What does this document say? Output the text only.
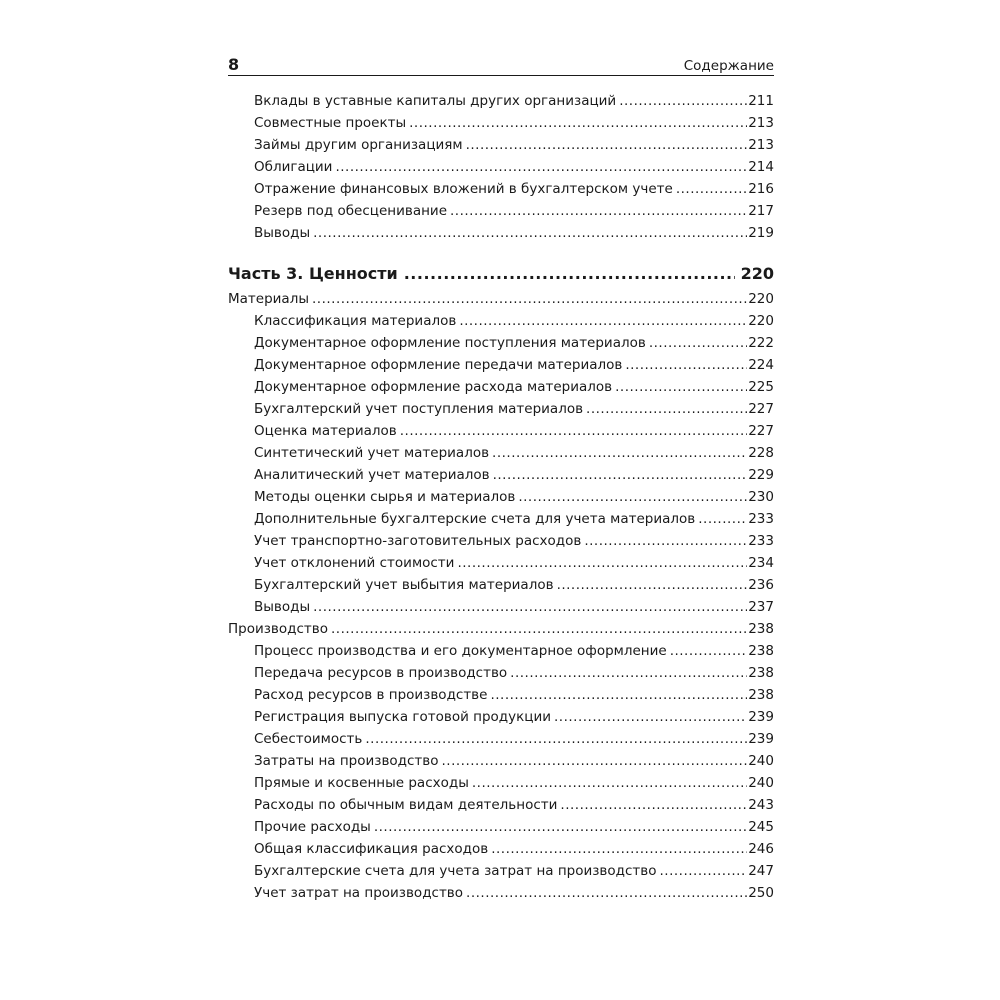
8	Содержание
Вклады в уставные капиталы других организаций .....	211
Совместные проекты .....	213
Займы другим организациям .....	213
Облигации .....	214
Отражение финансовых вложений в бухгалтерском учете .....	216
Резерв под обесценивание .....	217
Выводы .....	219
Часть 3. Ценности .....	220
Материалы .....	220
Классификация материалов .....	220
Документарное оформление поступления материалов .....	222
Документарное оформление передачи материалов .....	224
Документарное оформление расхода материалов .....	225
Бухгалтерский учет поступления материалов .....	227
Оценка материалов .....	227
Синтетический учет материалов .....	228
Аналитический учет материалов .....	229
Методы оценки сырья и материалов .....	230
Дополнительные бухгалтерские счета для учета материалов .....	233
Учет транспортно-заготовительных расходов .....	233
Учет отклонений стоимости .....	234
Бухгалтерский учет выбытия материалов .....	236
Выводы .....	237
Производство .....	238
Процесс производства и его документарное оформление .....	238
Передача ресурсов в производство .....	238
Расход ресурсов в производстве .....	238
Регистрация выпуска готовой продукции .....	239
Себестоимость .....	239
Затраты на производство .....	240
Прямые и косвенные расходы .....	240
Расходы по обычным видам деятельности .....	243
Прочие расходы .....	245
Общая классификация расходов .....	246
Бухгалтерские счета для учета затрат на производство .....	247
Учет затрат на производство .....	250
